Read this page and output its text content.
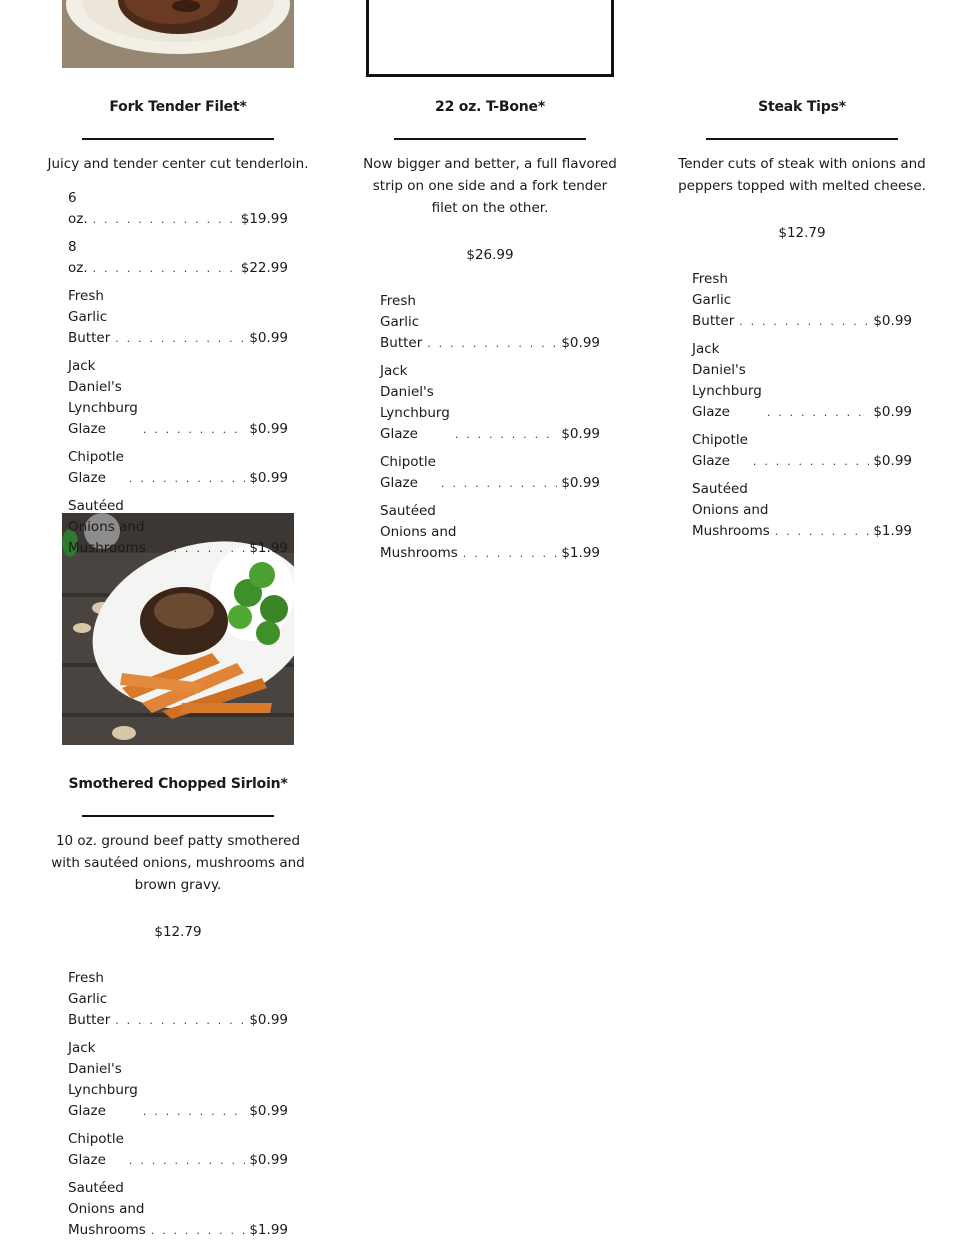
Fork Tender Filet*

Juicy and tender center cut tenderloin.

6 oz. . . .	$19.99
8 oz. . . .	$22.99
Fresh Garlic Butter . . .	$0.99
Jack Daniel's Lynchburg Glaze . . .	$0.99
Chipotle Glaze . . .	$0.99
Sautéed Onions and Mushrooms . . .	$1.99
22 oz. T-Bone*

Now bigger and better, a full flavored strip on one side and a fork tender filet on the other.

$26.99
Fresh Garlic Butter . . .	$0.99
Jack Daniel's Lynchburg Glaze . . .	$0.99
Chipotle Glaze . . .	$0.99
Sautéed Onions and Mushrooms . . .	$1.99
Steak Tips*

Tender cuts of steak with onions and peppers topped with melted cheese.

$12.79
Fresh Garlic Butter . . .	$0.99
Jack Daniel's Lynchburg Glaze . . .	$0.99
Chipotle Glaze . . .	$0.99
Sautéed Onions and Mushrooms . . .	$1.99
Smothered Chopped Sirloin*

10 oz. ground beef patty smothered with sautéed onions, mushrooms and brown gravy.

$12.79
Fresh Garlic Butter . . .	$0.99
Jack Daniel's Lynchburg Glaze . . .	$0.99
Chipotle Glaze . . .	$0.99
Sautéed Onions and Mushrooms . . .	$1.99
